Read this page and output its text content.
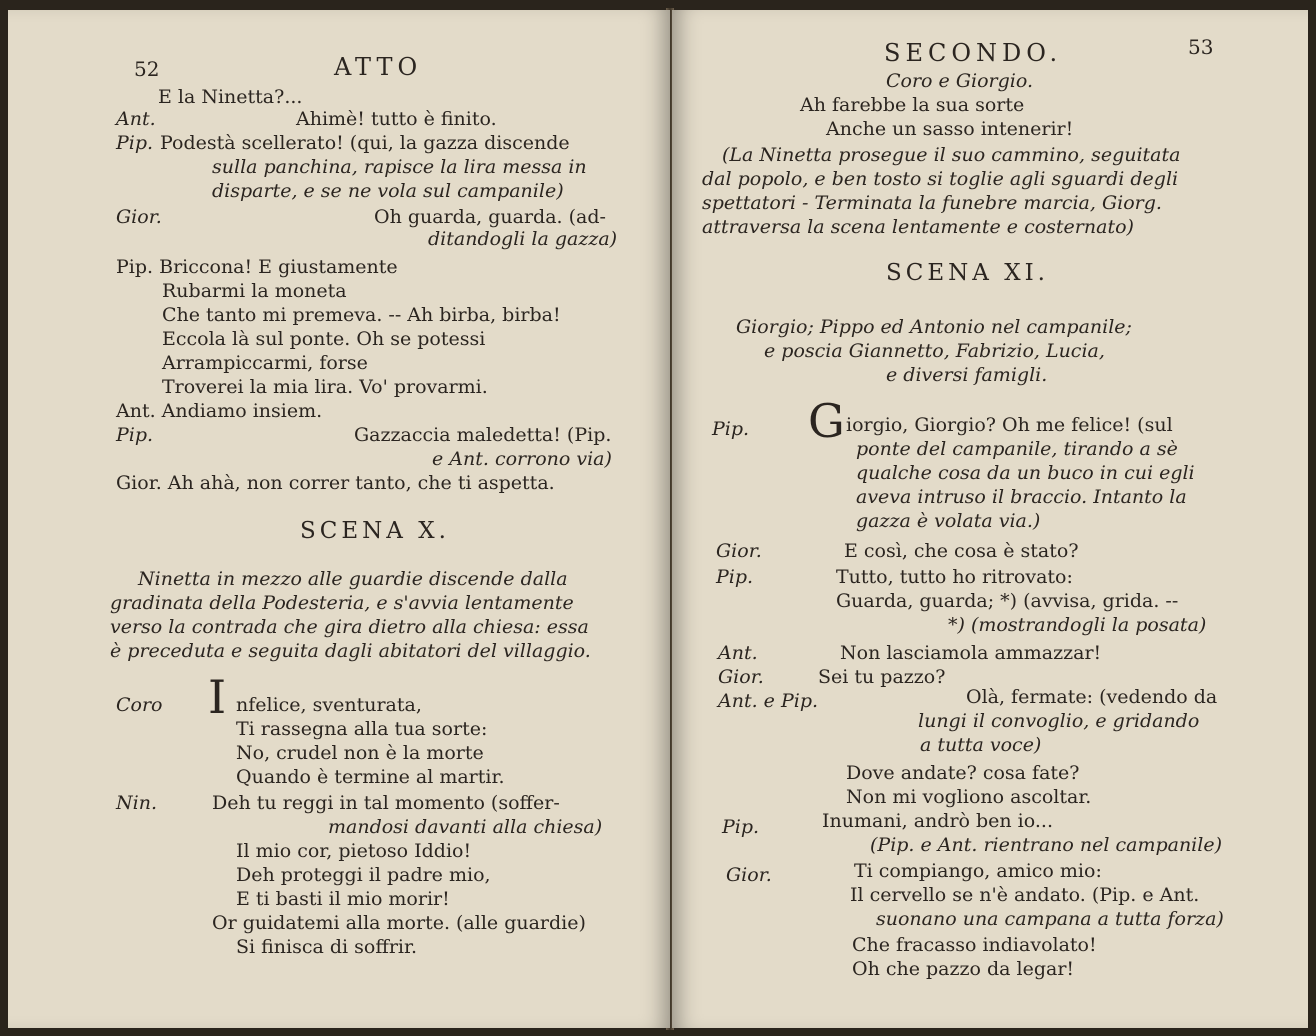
52	ATTO
I
E la Ninetta?...
Ant.	Ahimè! tutto è finito.
Pip. Podestà scellerato! (qui, la gazza discende
sulla panchina, rapisce la lira messa in
disparte, e se ne vola sul campanile)
Gior.	Oh guarda, guarda. (ad-
ditandogli la gazza)
Pip. Briccona! E giustamente
Rubarmi la moneta
Che tanto mi premeva. -- Ah birba, birba!
Eccola là sul ponte. Oh se potessi
Arrampiccarmi, forse
Troverei la mia lira. Vo' provarmi.
Ant. Andiamo insiem.
Pip.	Gazzaccia maledetta! (Pip.
e Ant. corrono via)
Gior. Ah ahà, non correr tanto, che ti aspetta.
SCENA X.
Ninetta in mezzo alle guardie discende dalla
gradinata della Podesteria, e s'avvia lentamente
verso la contrada che gira dietro alla chiesa: essa
è preceduta e seguita dagli abitatori del villaggio.
Coro	nfelice, sventurata,
Ti rassegna alla tua sorte:
No, crudel non è la morte
Quando è termine al martir.
Nin.	Deh tu reggi in tal momento (soffer-
mandosi davanti alla chiesa)
Il mio cor, pietoso Iddio!
Deh proteggi il padre mio,
E ti basti il mio morir!
Or guidatemi alla morte. (alle guardie)
Si finisca di soffrir.
SECONDO.	53
G
Coro e Giorgio.
Ah farebbe la sua sorte
Anche un sasso intenerir!
(La Ninetta prosegue il suo cammino, seguitata
dal popolo, e ben tosto si toglie agli sguardi degli
spettatori - Terminata la funebre marcia, Giorg.
attraversa la scena lentamente e costernato)
SCENA XI.
Giorgio; Pippo ed Antonio nel campanile;
e poscia Giannetto, Fabrizio, Lucia,
e diversi famigli.
Pip.	iorgio, Giorgio? Oh me felice! (sul
ponte del campanile, tirando a sè
qualche cosa da un buco in cui egli
aveva intruso il braccio. Intanto la
gazza è volata via.)
Gior.	E così, che cosa è stato?
Pip.	Tutto, tutto ho ritrovato:
Guarda, guarda; *) (avvisa, grida. --
*) (mostrandogli la posata)
Ant.	Non lasciamola ammazzar!
Gior.	Sei tu pazzo?
Ant. e Pip.	Olà, fermate: (vedendo da
lungi il convoglio, e gridando
a tutta voce)
Dove andate? cosa fate?
Non mi vogliono ascoltar.
Pip.	Inumani, andrò ben io...
(Pip. e Ant. rientrano nel campanile)
Gior.	Ti compiango, amico mio:
Il cervello se n'è andato. (Pip. e Ant.
suonano una campana a tutta forza)
Che fracasso indiavolato!
Oh che pazzo da legar!
